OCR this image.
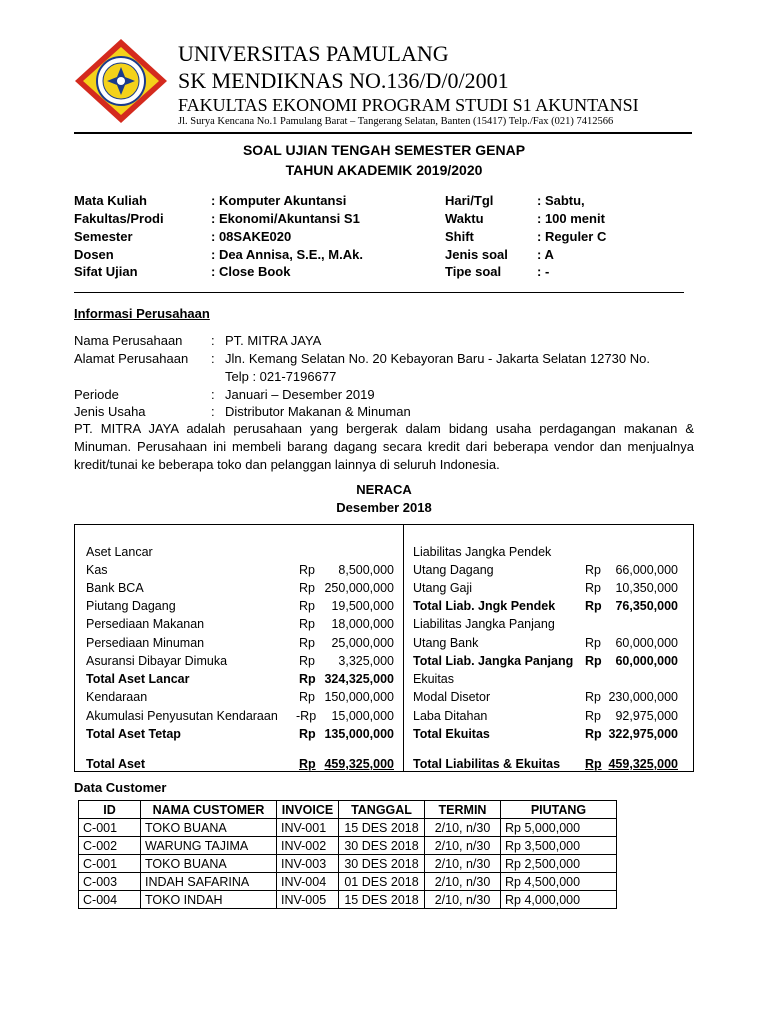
UNIVERSITAS PAMULANG
SK MENDIKNAS NO.136/D/0/2001
FAKULTAS EKONOMI PROGRAM STUDI S1 AKUNTANSI
Jl. Surya Kencana No.1 Pamulang Barat – Tangerang Selatan, Banten (15417) Telp./Fax (021) 7412566
SOAL UJIAN TENGAH SEMESTER GENAP
TAHUN AKADEMIK 2019/2020
Mata Kuliah	: Komputer Akuntansi
Fakultas/Prodi	: Ekonomi/Akuntansi S1
Semester	: 08SAKE020
Dosen	: Dea Annisa, S.E., M.Ak.
Sifat Ujian	: Close Book
Hari/Tgl	: Sabtu,
Waktu	: 100 menit
Shift	: Reguler C
Jenis soal : A
Tipe soal	: -
Informasi Perusahaan
Nama Perusahaan : PT. MITRA JAYA
Alamat Perusahaan : Jln. Kemang Selatan No. 20 Kebayoran Baru - Jakarta Selatan 12730 No.
Telp : 021-7196677
Periode	: Januari – Desember 2019
Jenis Usaha	: Distributor Makanan & Minuman
PT. MITRA JAYA adalah perusahaan yang bergerak dalam bidang usaha perdagangan makanan & Minuman. Perusahaan ini membeli barang dagang secara kredit dari beberapa vendor dan menjualnya kredit/tunai ke beberapa toko dan pelanggan lainnya di seluruh Indonesia.
NERACA
Desember 2018
Aset Lancar
Kas	Rp 8,500,000
Bank BCA	Rp 250,000,000
Piutang Dagang	Rp 19,500,000
Persediaan Makanan	Rp 18,000,000
Persediaan Minuman	Rp 25,000,000
Asuransi Dibayar Dimuka	Rp 3,325,000
Total Aset Lancar	Rp 324,325,000
Kendaraan	Rp 150,000,000
Akumulasi Penyusutan Kendaraan -Rp 15,000,000
Total Aset Tetap	Rp 135,000,000
Total Aset	Rp 459,325,000
Liabilitas Jangka Pendek
Utang Dagang	Rp 66,000,000
Utang Gaji	Rp 10,350,000
Total Liab. Jngk Pendek Rp 76,350,000
Liabilitas Jangka Panjang
Utang Bank	Rp 60,000,000
Total Liab. Jangka Panjang Rp 60,000,000
Ekuitas
Modal Disetor	Rp 230,000,000
Laba Ditahan	Rp 92,975,000
Total Ekuitas	Rp 322,975,000
Total Liabilitas & Ekuitas Rp 459,325,000
Data Customer
ID	NAMA CUSTOMER	INVOICE	TANGGAL	TERMIN	PIUTANG
C-001	TOKO BUANA	INV-001	15 DES 2018	2/10, n/30	Rp 5,000,000
C-002	WARUNG TAJIMA	INV-002	30 DES 2018	2/10, n/30	Rp 3,500,000
C-001	TOKO BUANA	INV-003	30 DES 2018	2/10, n/30	Rp 2,500,000
C-003	INDAH SAFARINA	INV-004	01 DES 2018	2/10, n/30	Rp 4,500,000
C-004	TOKO INDAH	INV-005	15 DES 2018	2/10, n/30	Rp 4,000,000
